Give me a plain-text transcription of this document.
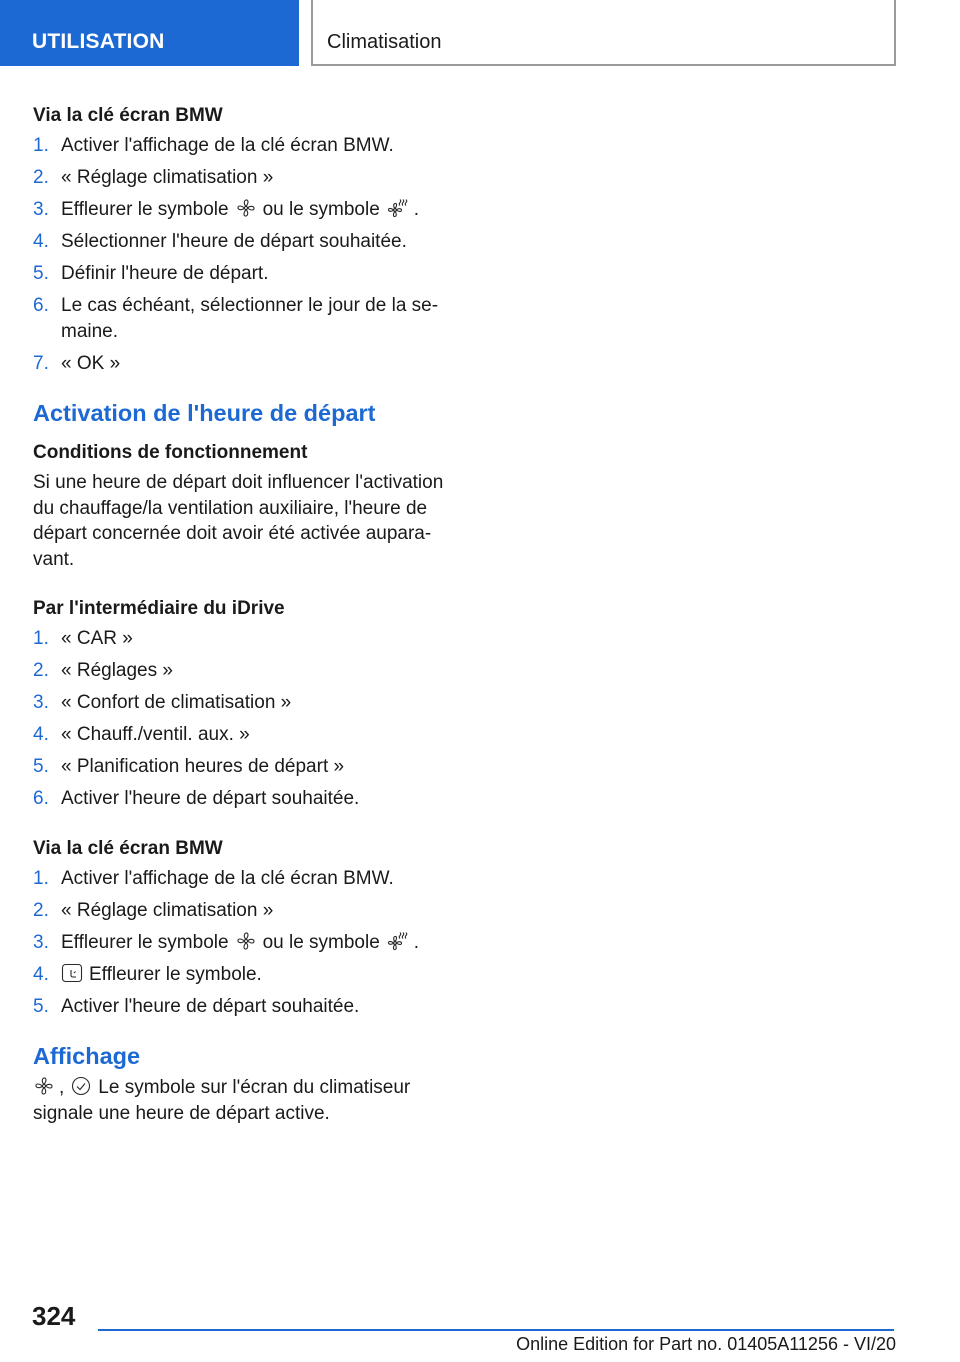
UTILISATION	Climatisation
Via la clé écran BMW
1. Activer l'affichage de la clé écran BMW.
2. « Réglage climatisation »
3. Effleurer le symbole ou le symbole .
4. Sélectionner l'heure de départ souhaitée.
5. Définir l'heure de départ.
6. Le cas échéant, sélectionner le jour de la se-maine.
7. « OK »
Activation de l'heure de départ
Conditions de fonctionnement

Si une heure de départ doit influencer l'activation du chauffage/la ventilation auxiliaire, l'heure de départ concernée doit avoir été activée aupara-vant.

Par l'intermédiaire du iDrive
1. « CAR »
2. « Réglages »
3. « Confort de climatisation »
4. « Chauff./ventil. aux. »
5. « Planification heures de départ »
6. Activer l'heure de départ souhaitée.
Via la clé écran BMW
1. Activer l'affichage de la clé écran BMW.
2. « Réglage climatisation »
3. Effleurer le symbole ou le symbole .
4. Effleurer le symbole.
5. Activer l'heure de départ souhaitée.
Affichage

, Le symbole sur l'écran du climatiseur signale une heure de départ active.

324
Online Edition for Part no. 01405A11256 - VI/20
